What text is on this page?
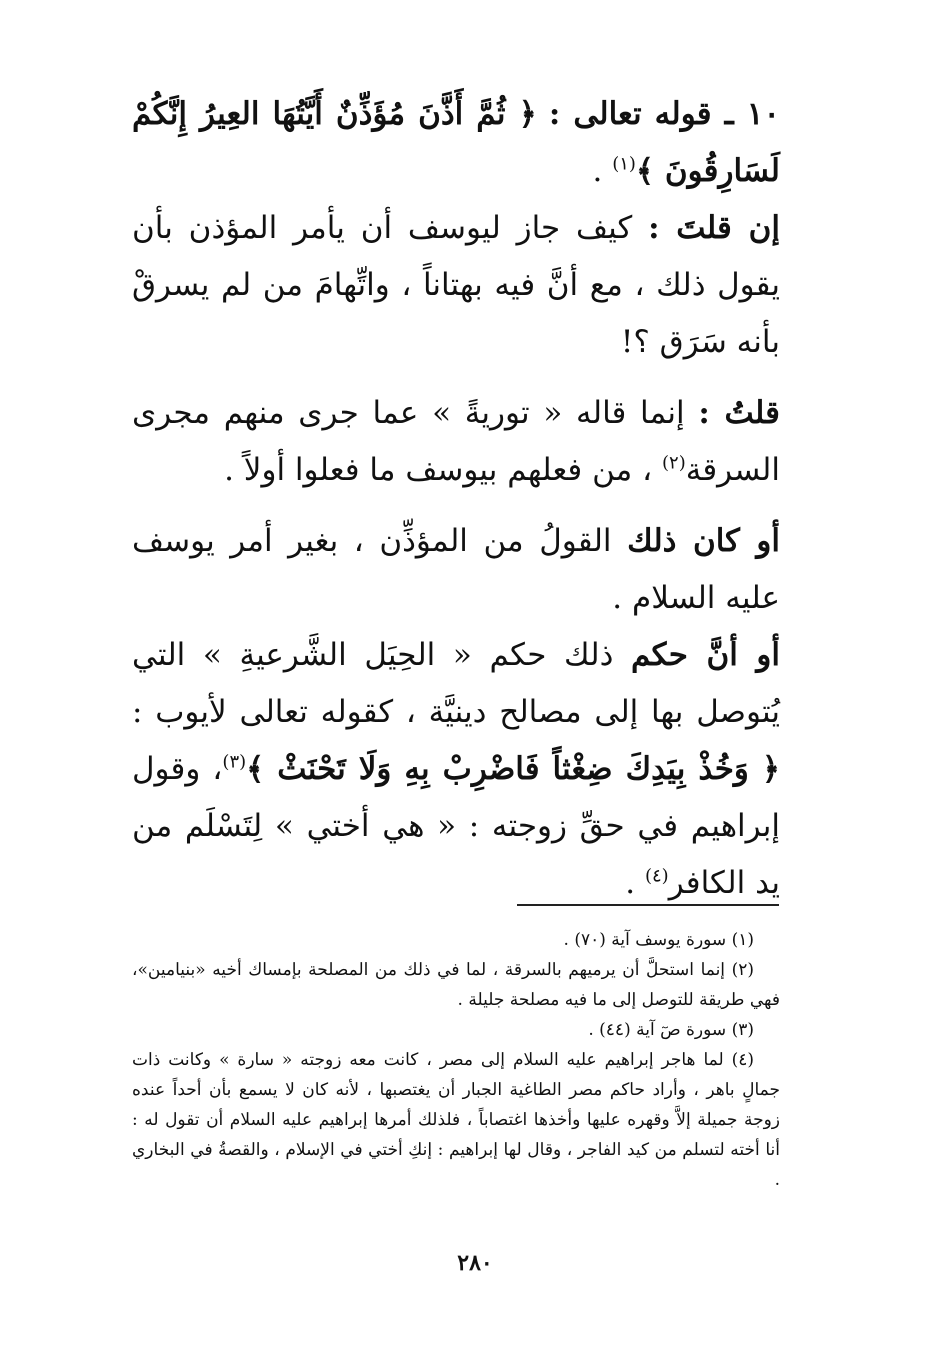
١٠ ـ قوله تعالى : ﴿ ثُمَّ أَذَّنَ مُؤَذِّنٌ أَيَّتُهَا العِيرُ إِنَّكُمْ لَسَارِقُونَ ﴾$^{(١)}$ .

إن قلتَ : كيف جاز ليوسف أن يأمر المؤذن بأن يقول ذلك ، مع أنَّ فيه بهتاناً ، واتِّهامَ من لم يسرقْ بأنه سَرَق ؟!

قلتُ : إنما قاله « توريةً » عما جرى منهم مجرى السرقة$^{(٢)}$ ، من فعلهم بيوسف ما فعلوا أولاً .

أو كان ذلك القولُ من المؤذِّن ، بغير أمر يوسف عليه السلام .

أو أنَّ حكم ذلك حكم « الحِيَل الشَّرعيةِ » التي يُتوصل بها إلى مصالح دينيَّة ، كقوله تعالى لأيوب : ﴿ وَخُذْ بِيَدِكَ ضِغْثاً فَاضْرِبْ بِهِ وَلَا تَحْنَثْ ﴾$^{(٣)}$، وقول إبراهيم في حقِّ زوجته : « هي أختي » لِتَسْلَم من يد الكافر$^{(٤)}$ .

(١) سورة يوسف آية (٧٠) .

(٢) إنما استحلَّ أن يرميهم بالسرقة ، لما في ذلك من المصلحة بإمساك أخيه «بنيامين»، فهي طريقة للتوصل إلى ما فيه مصلحة جليلة .

(٣) سورة صٓ آية (٤٤) .

(٤) لما هاجر إبراهيم عليه السلام إلى مصر ، كانت معه زوجته « سارة » وكانت ذات جمالٍ باهر ، وأراد حاكم مصر الطاغية الجبار أن يغتصبها ، لأنه كان لا يسمع بأن أحداً عنده زوجة جميلة إلاَّ وقهره عليها وأخذها اغتصاباً ، فلذلك أمرها إبراهيم عليه السلام أن تقول له : أنا أخته لتسلم من كيد الفاجر ، وقال لها إبراهيم : إنكِ أختي في الإسلام ، والقصةُ في البخاري .

٢٨٠
